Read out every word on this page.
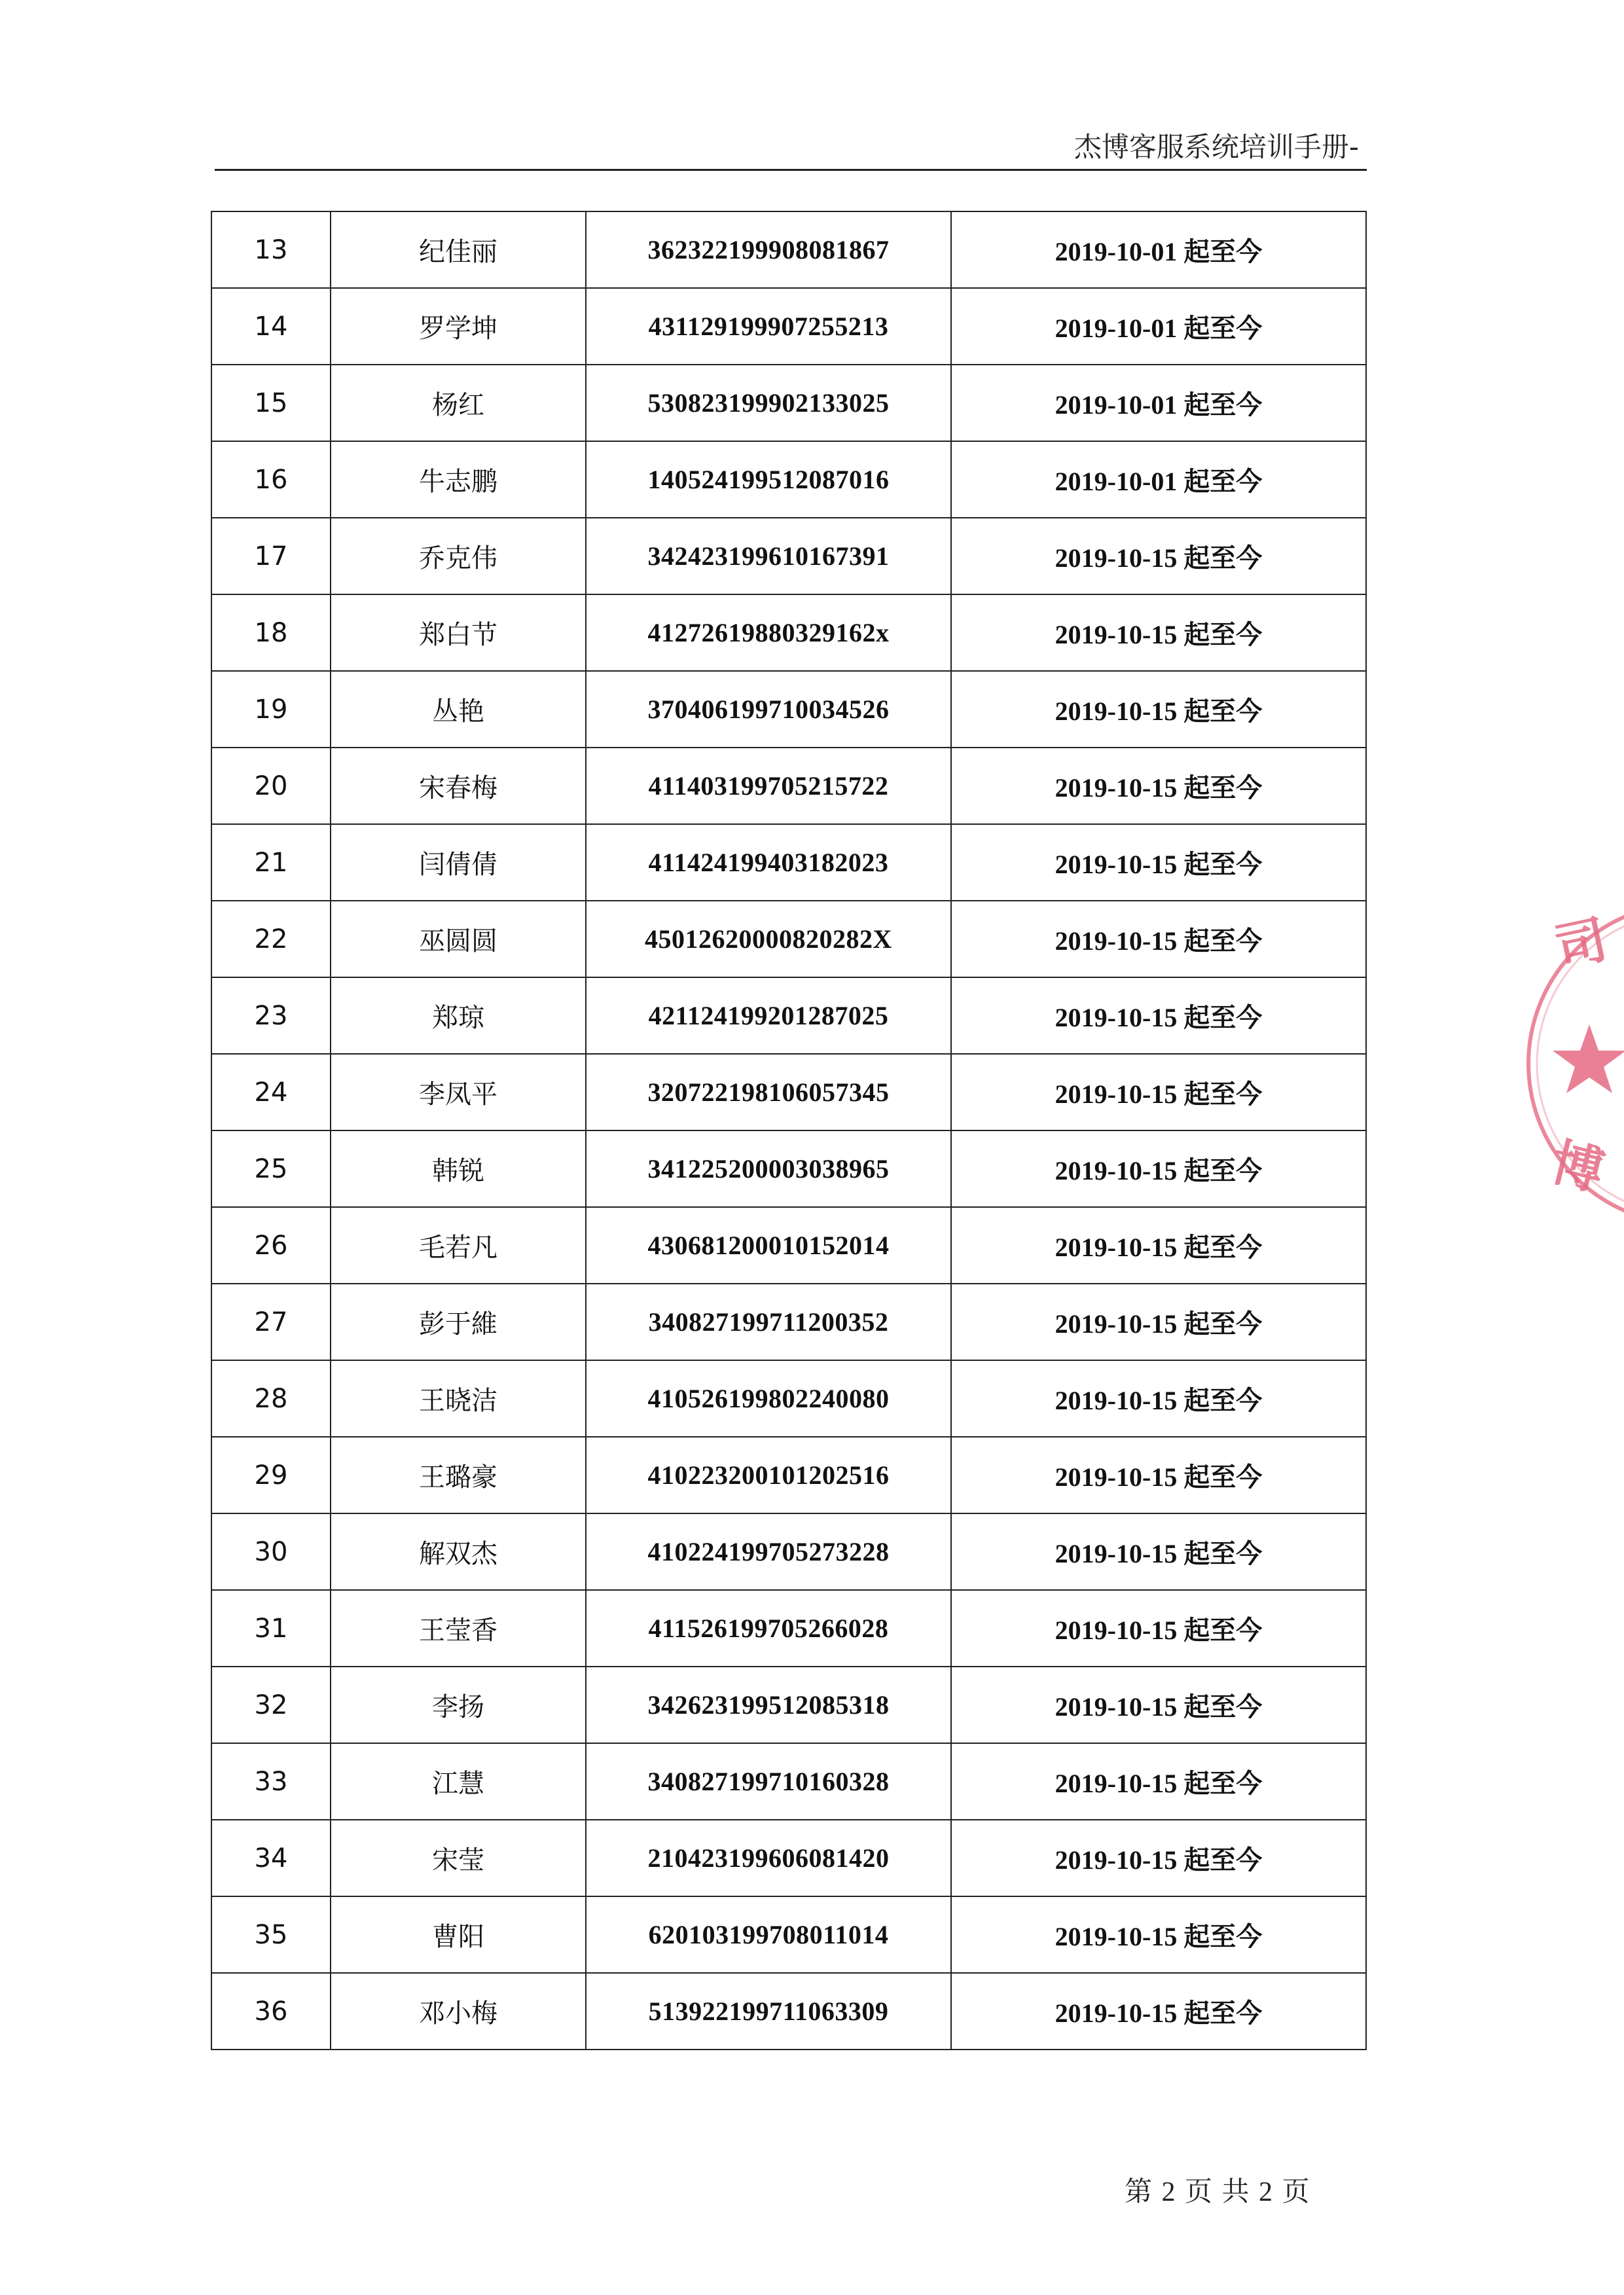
杰博客服系统培训手册-
13	纪佳丽	362322199908081867	2019-10-01 起至今
14	罗学坤	431129199907255213	2019-10-01 起至今
15	杨红	530823199902133025	2019-10-01 起至今
16	牛志鹏	140524199512087016	2019-10-01 起至今
17	乔克伟	342423199610167391	2019-10-15 起至今
18	郑白节	41272619880329162x	2019-10-15 起至今
19	丛艳	370406199710034526	2019-10-15 起至今
20	宋春梅	411403199705215722	2019-10-15 起至今
21	闫倩倩	411424199403182023	2019-10-15 起至今
22	巫圆圆	45012620000820282X	2019-10-15 起至今
23	郑琼	421124199201287025	2019-10-15 起至今
24	李凤平	320722198106057345	2019-10-15 起至今
25	韩锐	341225200003038965	2019-10-15 起至今
26	毛若凡	430681200010152014	2019-10-15 起至今
27	彭于維	340827199711200352	2019-10-15 起至今
28	王晓洁	410526199802240080	2019-10-15 起至今
29	王璐豪	410223200101202516	2019-10-15 起至今
30	解双杰	410224199705273228	2019-10-15 起至今
31	王莹香	411526199705266028	2019-10-15 起至今
32	李扬	342623199512085318	2019-10-15 起至今
33	江慧	340827199710160328	2019-10-15 起至今
34	宋莹	210423199606081420	2019-10-15 起至今
35	曹阳	620103199708011014	2019-10-15 起至今
36	邓小梅	513922199711063309	2019-10-15 起至今
第 2 页 共 2 页
司
博
